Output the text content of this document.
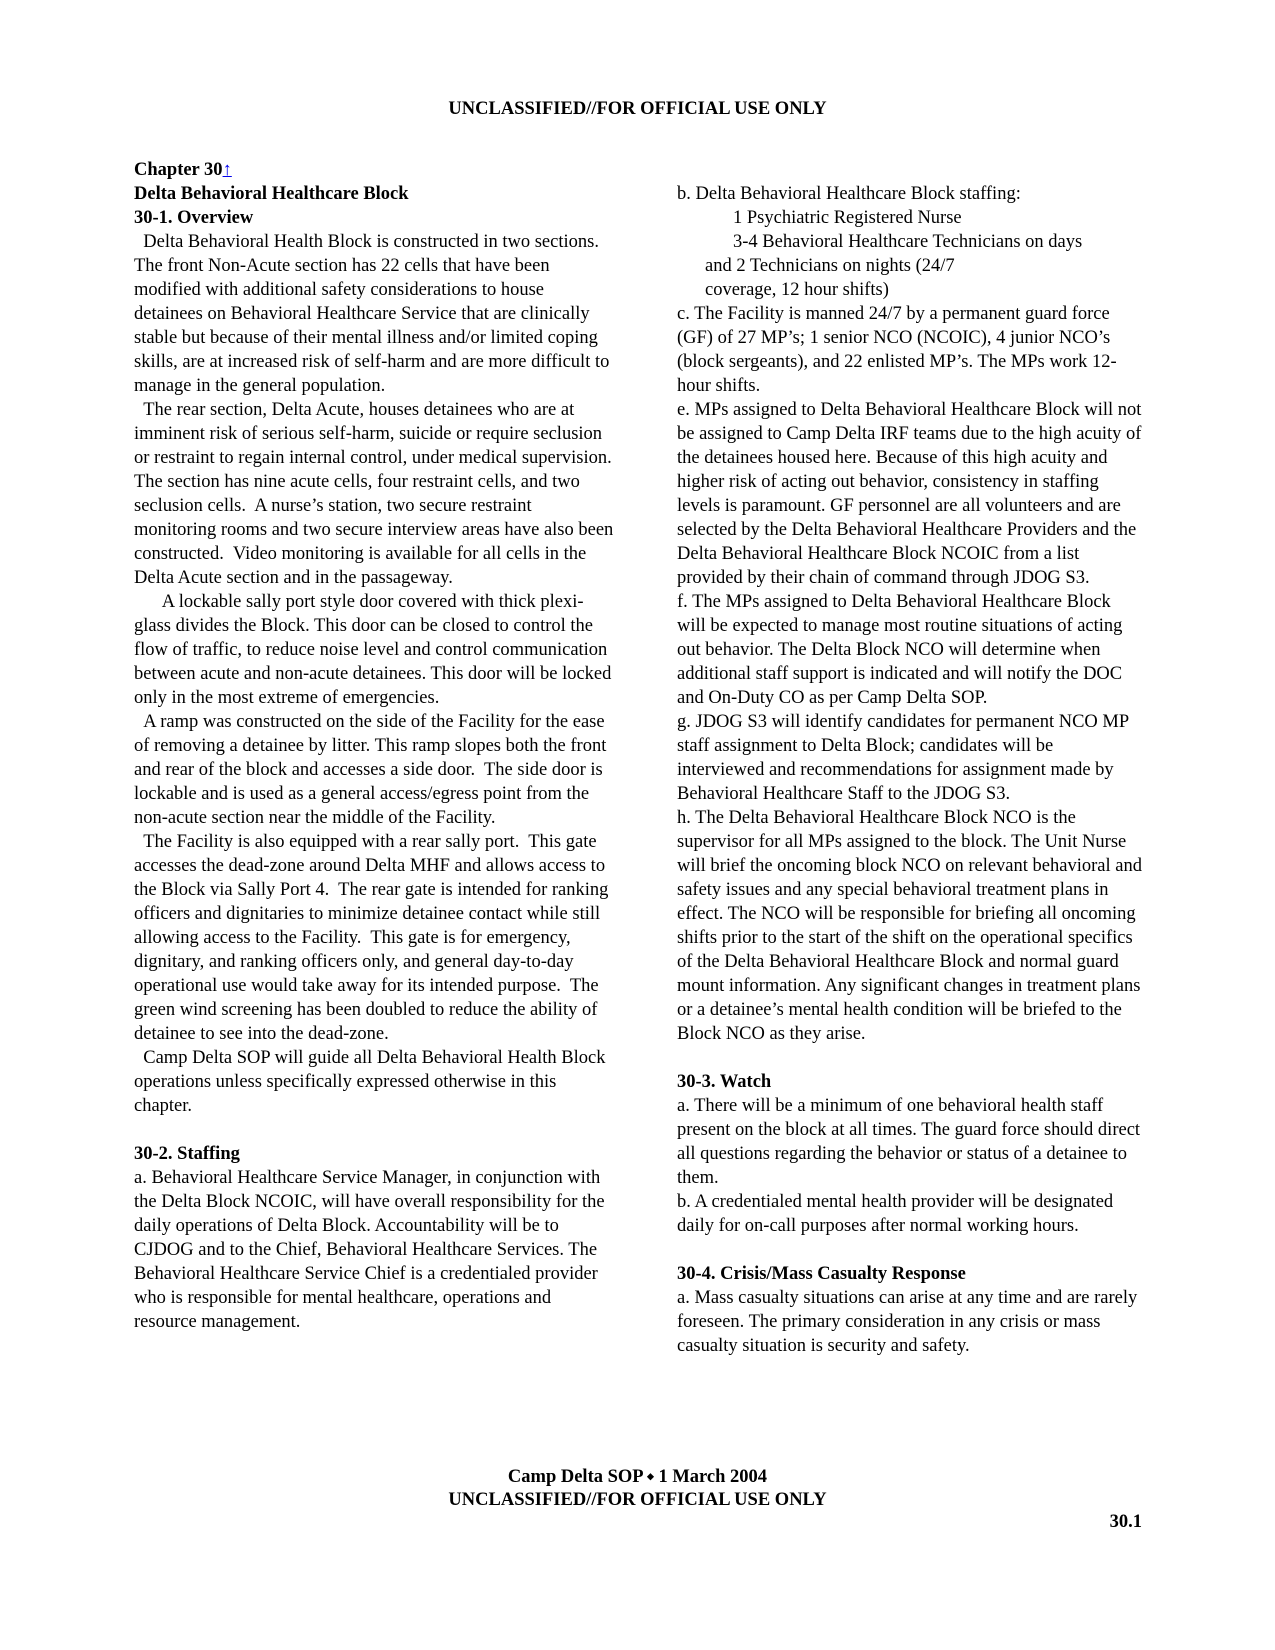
UNCLASSIFIED//FOR OFFICIAL USE ONLY

Chapter 30↑

Delta Behavioral Healthcare Block

30-1. Overview

Delta Behavioral Health Block is constructed in two sections.  The front Non-Acute section has 22 cells that have been modified with additional safety considerations to house detainees on Behavioral Healthcare Service that are clinically stable but because of their mental illness and/or limited coping skills, are at increased risk of self-harm and are more difficult to manage in the general population.

The rear section, Delta Acute, houses detainees who are at imminent risk of serious self-harm, suicide or require seclusion or restraint to regain internal control, under medical supervision.  The section has nine acute cells, four restraint cells, and two seclusion cells.  A nurse’s station, two secure restraint monitoring rooms and two secure interview areas have also been constructed.  Video monitoring is available for all cells in the Delta Acute section and in the passageway.

A lockable sally port style door covered with thick plexi-glass divides the Block. This door can be closed to control the flow of traffic, to reduce noise level and control communication between acute and non-acute detainees. This door will be locked only in the most extreme of emergencies.

A ramp was constructed on the side of the Facility for the ease of removing a detainee by litter. This ramp slopes both the front and rear of the block and accesses a side door.  The side door is lockable and is used as a general access/egress point from the non-acute section near the middle of the Facility.

The Facility is also equipped with a rear sally port.  This gate accesses the dead-zone around Delta MHF and allows access to the Block via Sally Port 4.  The rear gate is intended for ranking officers and dignitaries to minimize detainee contact while still allowing access to the Facility.  This gate is for emergency, dignitary, and ranking officers only, and general day-to-day operational use would take away for its intended purpose.  The green wind screening has been doubled to reduce the ability of detainee to see into the dead-zone.

Camp Delta SOP will guide all Delta Behavioral Health Block operations unless specifically expressed otherwise in this chapter.

30-2. Staffing

a. Behavioral Healthcare Service Manager, in conjunction with the Delta Block NCOIC, will have overall responsibility for the daily operations of Delta Block. Accountability will be to CJDOG and to the Chief, Behavioral Healthcare Services. The Behavioral Healthcare Service Chief is a credentialed provider who is responsible for mental healthcare, operations and resource management.

b. Delta Behavioral Healthcare Block staffing:

1 Psychiatric Registered Nurse

3-4 Behavioral Healthcare Technicians on days

and 2 Technicians on nights (24/7

coverage, 12 hour shifts)

c. The Facility is manned 24/7 by a permanent guard force (GF) of 27 MP’s; 1 senior NCO (NCOIC), 4 junior NCO’s (block sergeants), and 22 enlisted MP’s. The MPs work 12-hour shifts.

e. MPs assigned to Delta Behavioral Healthcare Block will not be assigned to Camp Delta IRF teams due to the high acuity of the detainees housed here. Because of this high acuity and higher risk of acting out behavior, consistency in staffing levels is paramount. GF personnel are all volunteers and are selected by the Delta Behavioral Healthcare Providers and the Delta Behavioral Healthcare Block NCOIC from a list provided by their chain of command through JDOG S3.

f. The MPs assigned to Delta Behavioral Healthcare Block will be expected to manage most routine situations of acting out behavior. The Delta Block NCO will determine when additional staff support is indicated and will notify the DOC and On-Duty CO as per Camp Delta SOP.

g. JDOG S3 will identify candidates for permanent NCO MP staff assignment to Delta Block; candidates will be interviewed and recommendations for assignment made by Behavioral Healthcare Staff to the JDOG S3.

h. The Delta Behavioral Healthcare Block NCO is the supervisor for all MPs assigned to the block. The Unit Nurse will brief the oncoming block NCO on relevant behavioral and safety issues and any special behavioral treatment plans in effect. The NCO will be responsible for briefing all oncoming shifts prior to the start of the shift on the operational specifics of the Delta Behavioral Healthcare Block and normal guard mount information. Any significant changes in treatment plans or a detainee’s mental health condition will be briefed to the Block NCO as they arise.

30-3. Watch

a. There will be a minimum of one behavioral health staff present on the block at all times. The guard force should direct all questions regarding the behavior or status of a detainee to them.

b. A credentialed mental health provider will be designated daily for on-call purposes after normal working hours.

30-4. Crisis/Mass Casualty Response

a. Mass casualty situations can arise at any time and are rarely foreseen. The primary consideration in any crisis or mass casualty situation is security and safety.

Camp Delta SOP ⬩ 1 March 2004
UNCLASSIFIED//FOR OFFICIAL USE ONLY
30.1
